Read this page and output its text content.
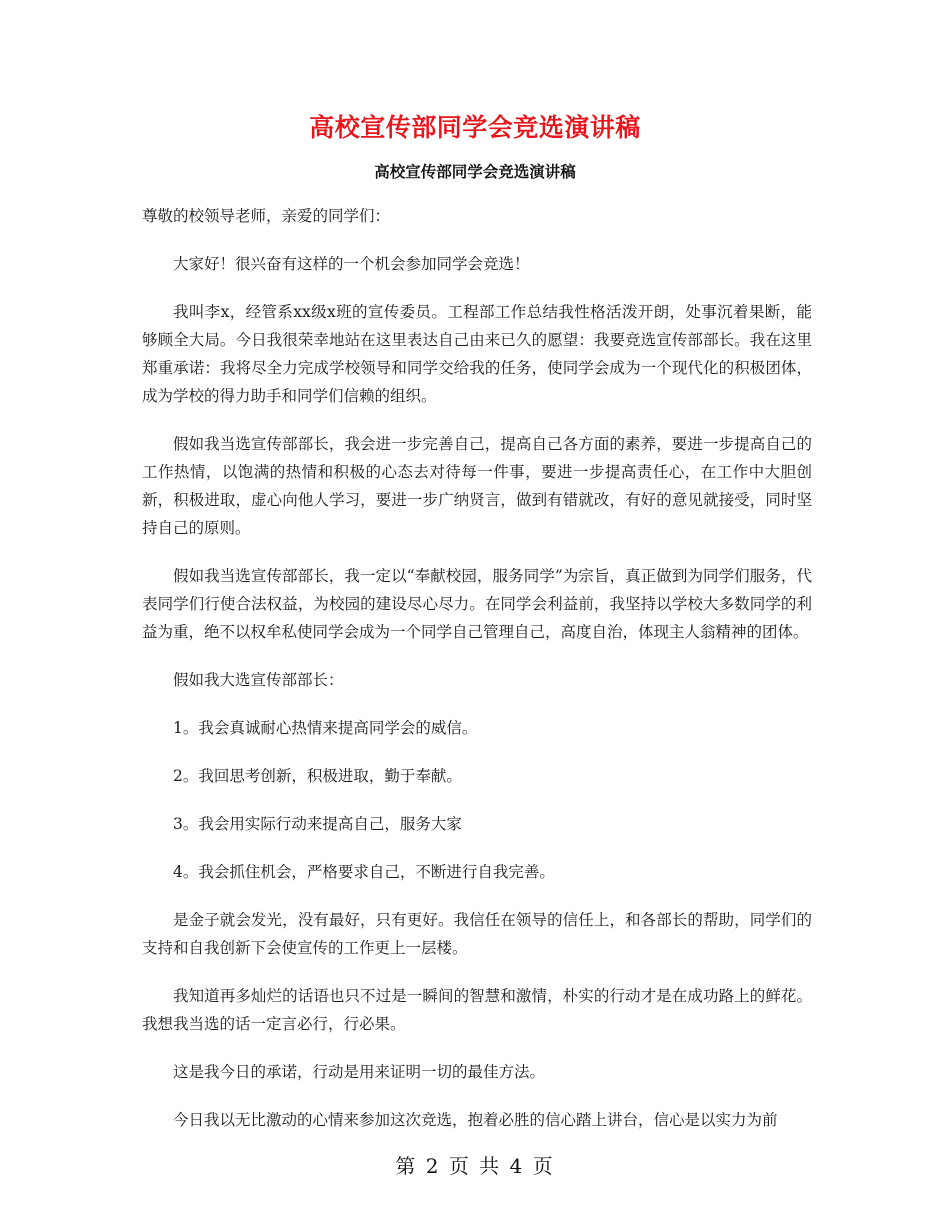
高校宣传部同学会竞选演讲稿
高校宣传部同学会竞选演讲稿

尊敬的校领导老师，亲爱的同学们：

大家好！很兴奋有这样的一个机会参加同学会竞选！

我叫李x，经管系xx级x班的宣传委员。工程部工作总结我性格活泼开朗，处事沉着果断，能够顾全大局。今日我很荣幸地站在这里表达自己由来已久的愿望：我要竞选宣传部部长。我在这里郑重承诺：我将尽全力完成学校领导和同学交给我的任务，使同学会成为一个现代化的积极团体，成为学校的得力助手和同学们信赖的组织。

假如我当选宣传部部长，我会进一步完善自己，提高自己各方面的素养，要进一步提高自己的工作热情，以饱满的热情和积极的心态去对待每一件事，要进一步提高责任心，在工作中大胆创新，积极进取，虚心向他人学习，要进一步广纳贤言，做到有错就改，有好的意见就接受，同时坚持自己的原则。

假如我当选宣传部部长，我一定以“奉献校园，服务同学”为宗旨，真正做到为同学们服务，代表同学们行使合法权益，为校园的建设尽心尽力。在同学会利益前，我坚持以学校大多数同学的利益为重，绝不以权牟私使同学会成为一个同学自己管理自己，高度自治，体现主人翁精神的团体。

假如我大选宣传部部长：

1。我会真诚耐心热情来提高同学会的威信。

2。我回思考创新，积极进取，勤于奉献。

3。我会用实际行动来提高自己，服务大家

4。我会抓住机会，严格要求自己，不断进行自我完善。

是金子就会发光，没有最好，只有更好。我信任在领导的信任上，和各部长的帮助，同学们的支持和自我创新下会使宣传的工作更上一层楼。

我知道再多灿烂的话语也只不过是一瞬间的智慧和激情，朴实的行动才是在成功路上的鲜花。我想我当选的话一定言必行，行必果。

这是我今日的承诺，行动是用来证明一切的最佳方法。

今日我以无比激动的心情来参加这次竞选，抱着必胜的信心踏上讲台，信心是以实力为前

第 2 页 共 4 页
